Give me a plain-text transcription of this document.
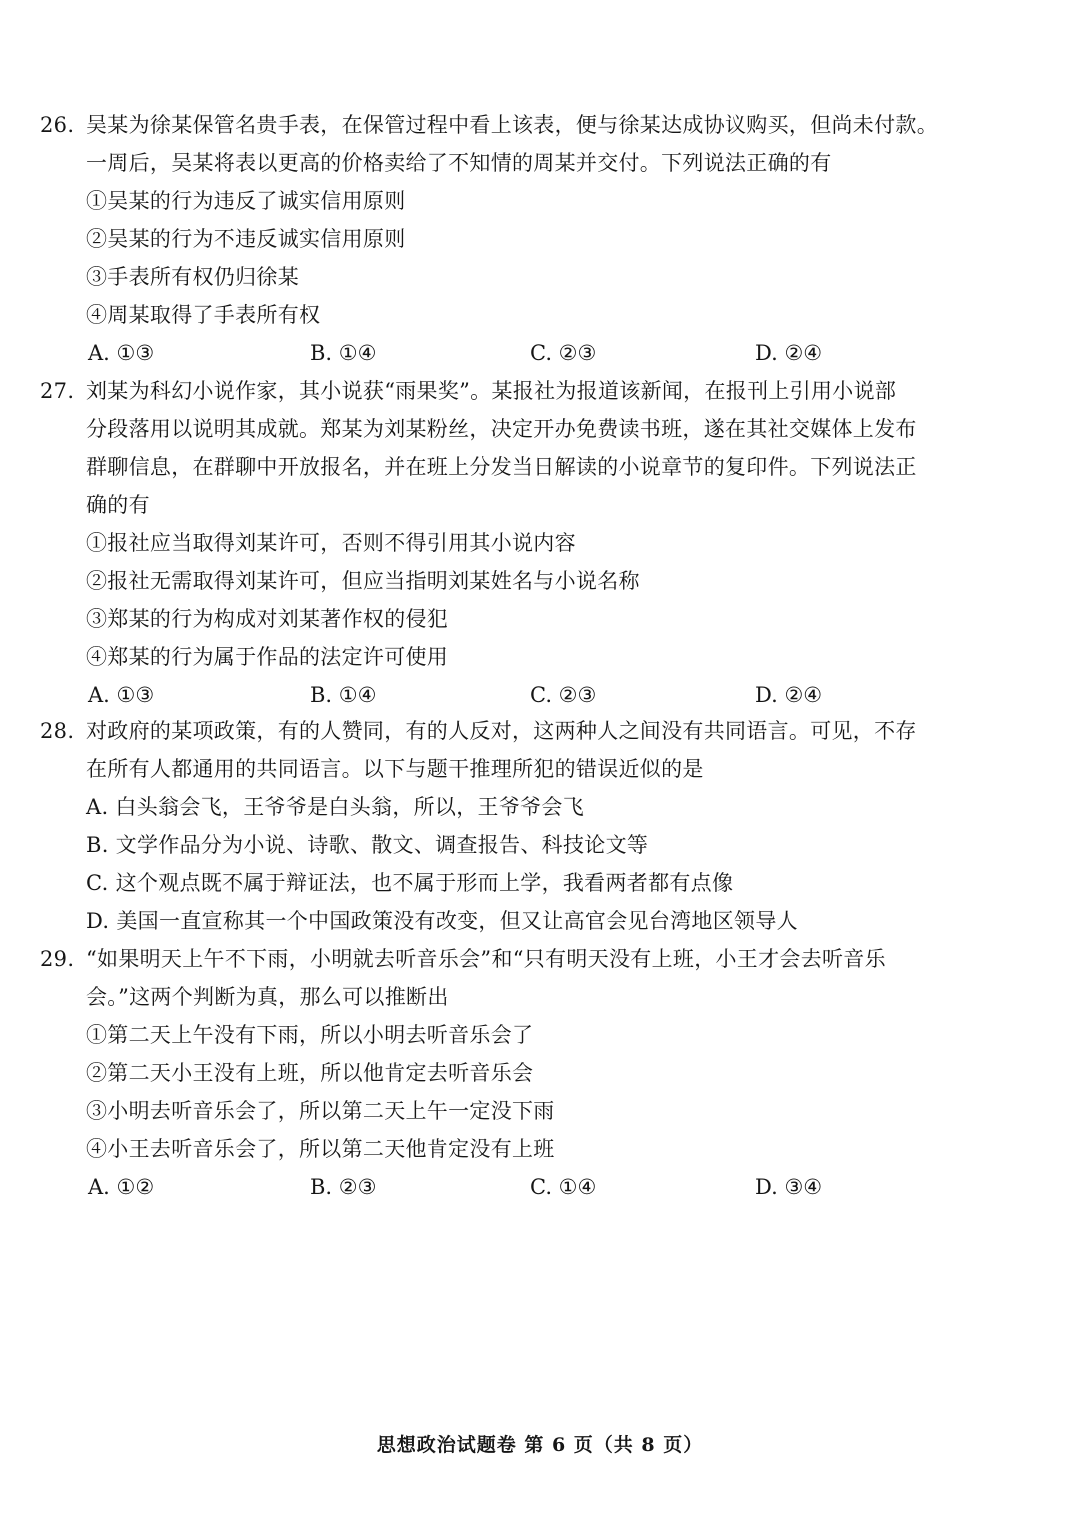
26. 吴某为徐某保管名贵手表，在保管过程中看上该表，便与徐某达成协议购买，但尚未付款。
一周后，吴某将表以更高的价格卖给了不知情的周某并交付。下列说法正确的有
①吴某的行为违反了诚实信用原则
②吴某的行为不违反诚实信用原则
③手表所有权仍归徐某
④周某取得了手表所有权
A. ①③	B. ①④	C. ②③	D. ②④
27. 刘某为科幻小说作家，其小说获“雨果奖”。某报社为报道该新闻，在报刊上引用小说部
分段落用以说明其成就。郑某为刘某粉丝，决定开办免费读书班，遂在其社交媒体上发布
群聊信息，在群聊中开放报名，并在班上分发当日解读的小说章节的复印件。下列说法正
确的有
①报社应当取得刘某许可，否则不得引用其小说内容
②报社无需取得刘某许可，但应当指明刘某姓名与小说名称
③郑某的行为构成对刘某著作权的侵犯
④郑某的行为属于作品的法定许可使用
A. ①③	B. ①④	C. ②③	D. ②④
28. 对政府的某项政策，有的人赞同，有的人反对，这两种人之间没有共同语言。可见，不存
在所有人都通用的共同语言。以下与题干推理所犯的错误近似的是
A. 白头翁会飞，王爷爷是白头翁，所以，王爷爷会飞
B. 文学作品分为小说、诗歌、散文、调查报告、科技论文等
C. 这个观点既不属于辩证法，也不属于形而上学，我看两者都有点像
D. 美国一直宣称其一个中国政策没有改变，但又让高官会见台湾地区领导人
29. “如果明天上午不下雨，小明就去听音乐会”和“只有明天没有上班，小王才会去听音乐
会。”这两个判断为真，那么可以推断出
①第二天上午没有下雨，所以小明去听音乐会了
②第二天小王没有上班，所以他肯定去听音乐会
③小明去听音乐会了，所以第二天上午一定没下雨
④小王去听音乐会了，所以第二天他肯定没有上班
A. ①②	B. ②③	C. ①④	D. ③④
思想政治试题卷 第 6 页（共 8 页）
